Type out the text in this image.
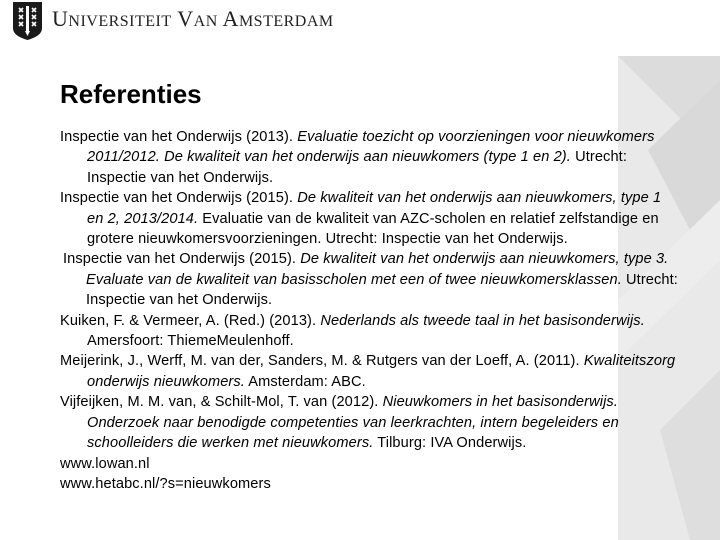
UNIVERSITEIT VAN AMSTERDAM
Referenties

Inspectie van het Onderwijs (2013). Evaluatie toezicht op voorzieningen voor nieuwkomers 2011/2012. De kwaliteit van het onderwijs aan nieuwkomers (type 1 en 2). Utrecht: Inspectie van het Onderwijs.

Inspectie van het Onderwijs (2015). De kwaliteit van het onderwijs aan nieuwkomers, type 1 en 2, 2013/2014. Evaluatie van de kwaliteit van AZC-scholen en relatief zelfstandige en grotere nieuwkomersvoorzieningen. Utrecht: Inspectie van het Onderwijs.

Inspectie van het Onderwijs (2015). De kwaliteit van het onderwijs aan nieuwkomers, type 3. Evaluate van de kwaliteit van basisscholen met een of twee nieuwkomersklassen. Utrecht: Inspectie van het Onderwijs.

Kuiken, F. & Vermeer, A. (Red.) (2013). Nederlands als tweede taal in het basisonderwijs. Amersfoort: ThiemeMeulenhoff.

Meijerink, J., Werff, M. van der, Sanders, M. & Rutgers van der Loeff, A. (2011). Kwaliteitszorg onderwijs nieuwkomers. Amsterdam: ABC.

Vijfeijken, M. M. van, & Schilt-Mol, T. van (2012). Nieuwkomers in het basisonderwijs. Onderzoek naar benodigde competenties van leerkrachten, intern begeleiders en schoolleiders die werken met nieuwkomers. Tilburg: IVA Onderwijs.

www.lowan.nl

www.hetabc.nl/?s=nieuwkomers
